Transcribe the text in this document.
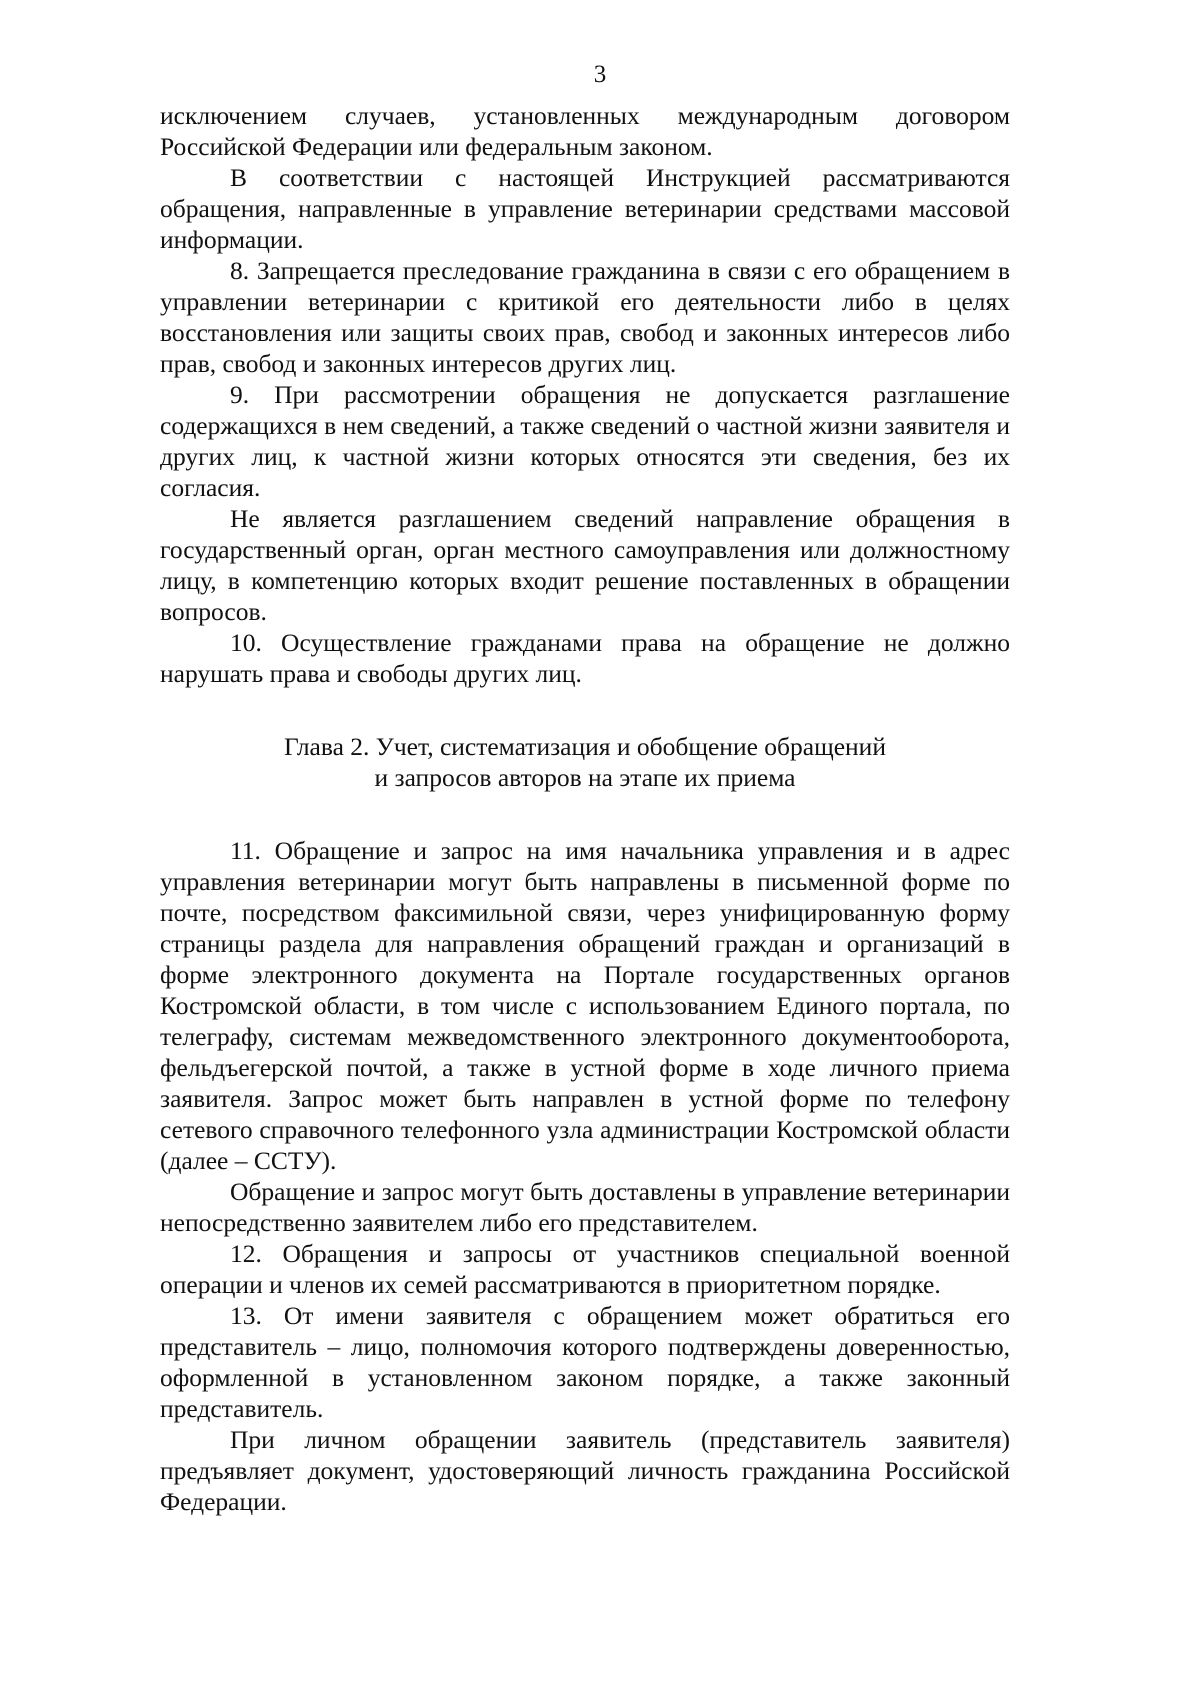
3

исключением случаев, установленных международным договором Российской Федерации или федеральным законом.

В соответствии с настоящей Инструкцией рассматриваются обращения, направленные в управление ветеринарии средствами массовой информации.

8. Запрещается преследование гражданина в связи с его обращением в управлении ветеринарии с критикой его деятельности либо в целях восстановления или защиты своих прав, свобод и законных интересов либо прав, свобод и законных интересов других лиц.

9. При рассмотрении обращения не допускается разглашение содержащихся в нем сведений, а также сведений о частной жизни заявителя и других лиц, к частной жизни которых относятся эти сведения, без их согласия.

Не является разглашением сведений направление обращения в государственный орган, орган местного самоуправления или должностному лицу, в компетенцию которых входит решение поставленных в обращении вопросов.

10. Осуществление гражданами права на обращение не должно нарушать права и свободы других лиц.

Глава 2. Учет, систематизация и обобщение обращений
и запросов авторов на этапе их приема

11. Обращение и запрос на имя начальника управления и в адрес управления ветеринарии могут быть направлены в письменной форме по почте, посредством факсимильной связи, через унифицированную форму страницы раздела для направления обращений граждан и организаций в форме электронного документа на Портале государственных органов Костромской области, в том числе с использованием Единого портала, по телеграфу, системам межведомственного электронного документооборота, фельдъегерской почтой, а также в устной форме в ходе личного приема заявителя. Запрос может быть направлен в устной форме по телефону сетевого справочного телефонного узла администрации Костромской области (далее – ССТУ).

Обращение и запрос могут быть доставлены в управление ветеринарии непосредственно заявителем либо его представителем.

12. Обращения и запросы от участников специальной военной операции и членов их семей рассматриваются в приоритетном порядке.

13. От имени заявителя с обращением может обратиться его представитель – лицо, полномочия которого подтверждены доверенностью, оформленной в установленном законом порядке, а также законный представитель.

При личном обращении заявитель (представитель заявителя) предъявляет документ, удостоверяющий личность гражданина Российской Федерации.
